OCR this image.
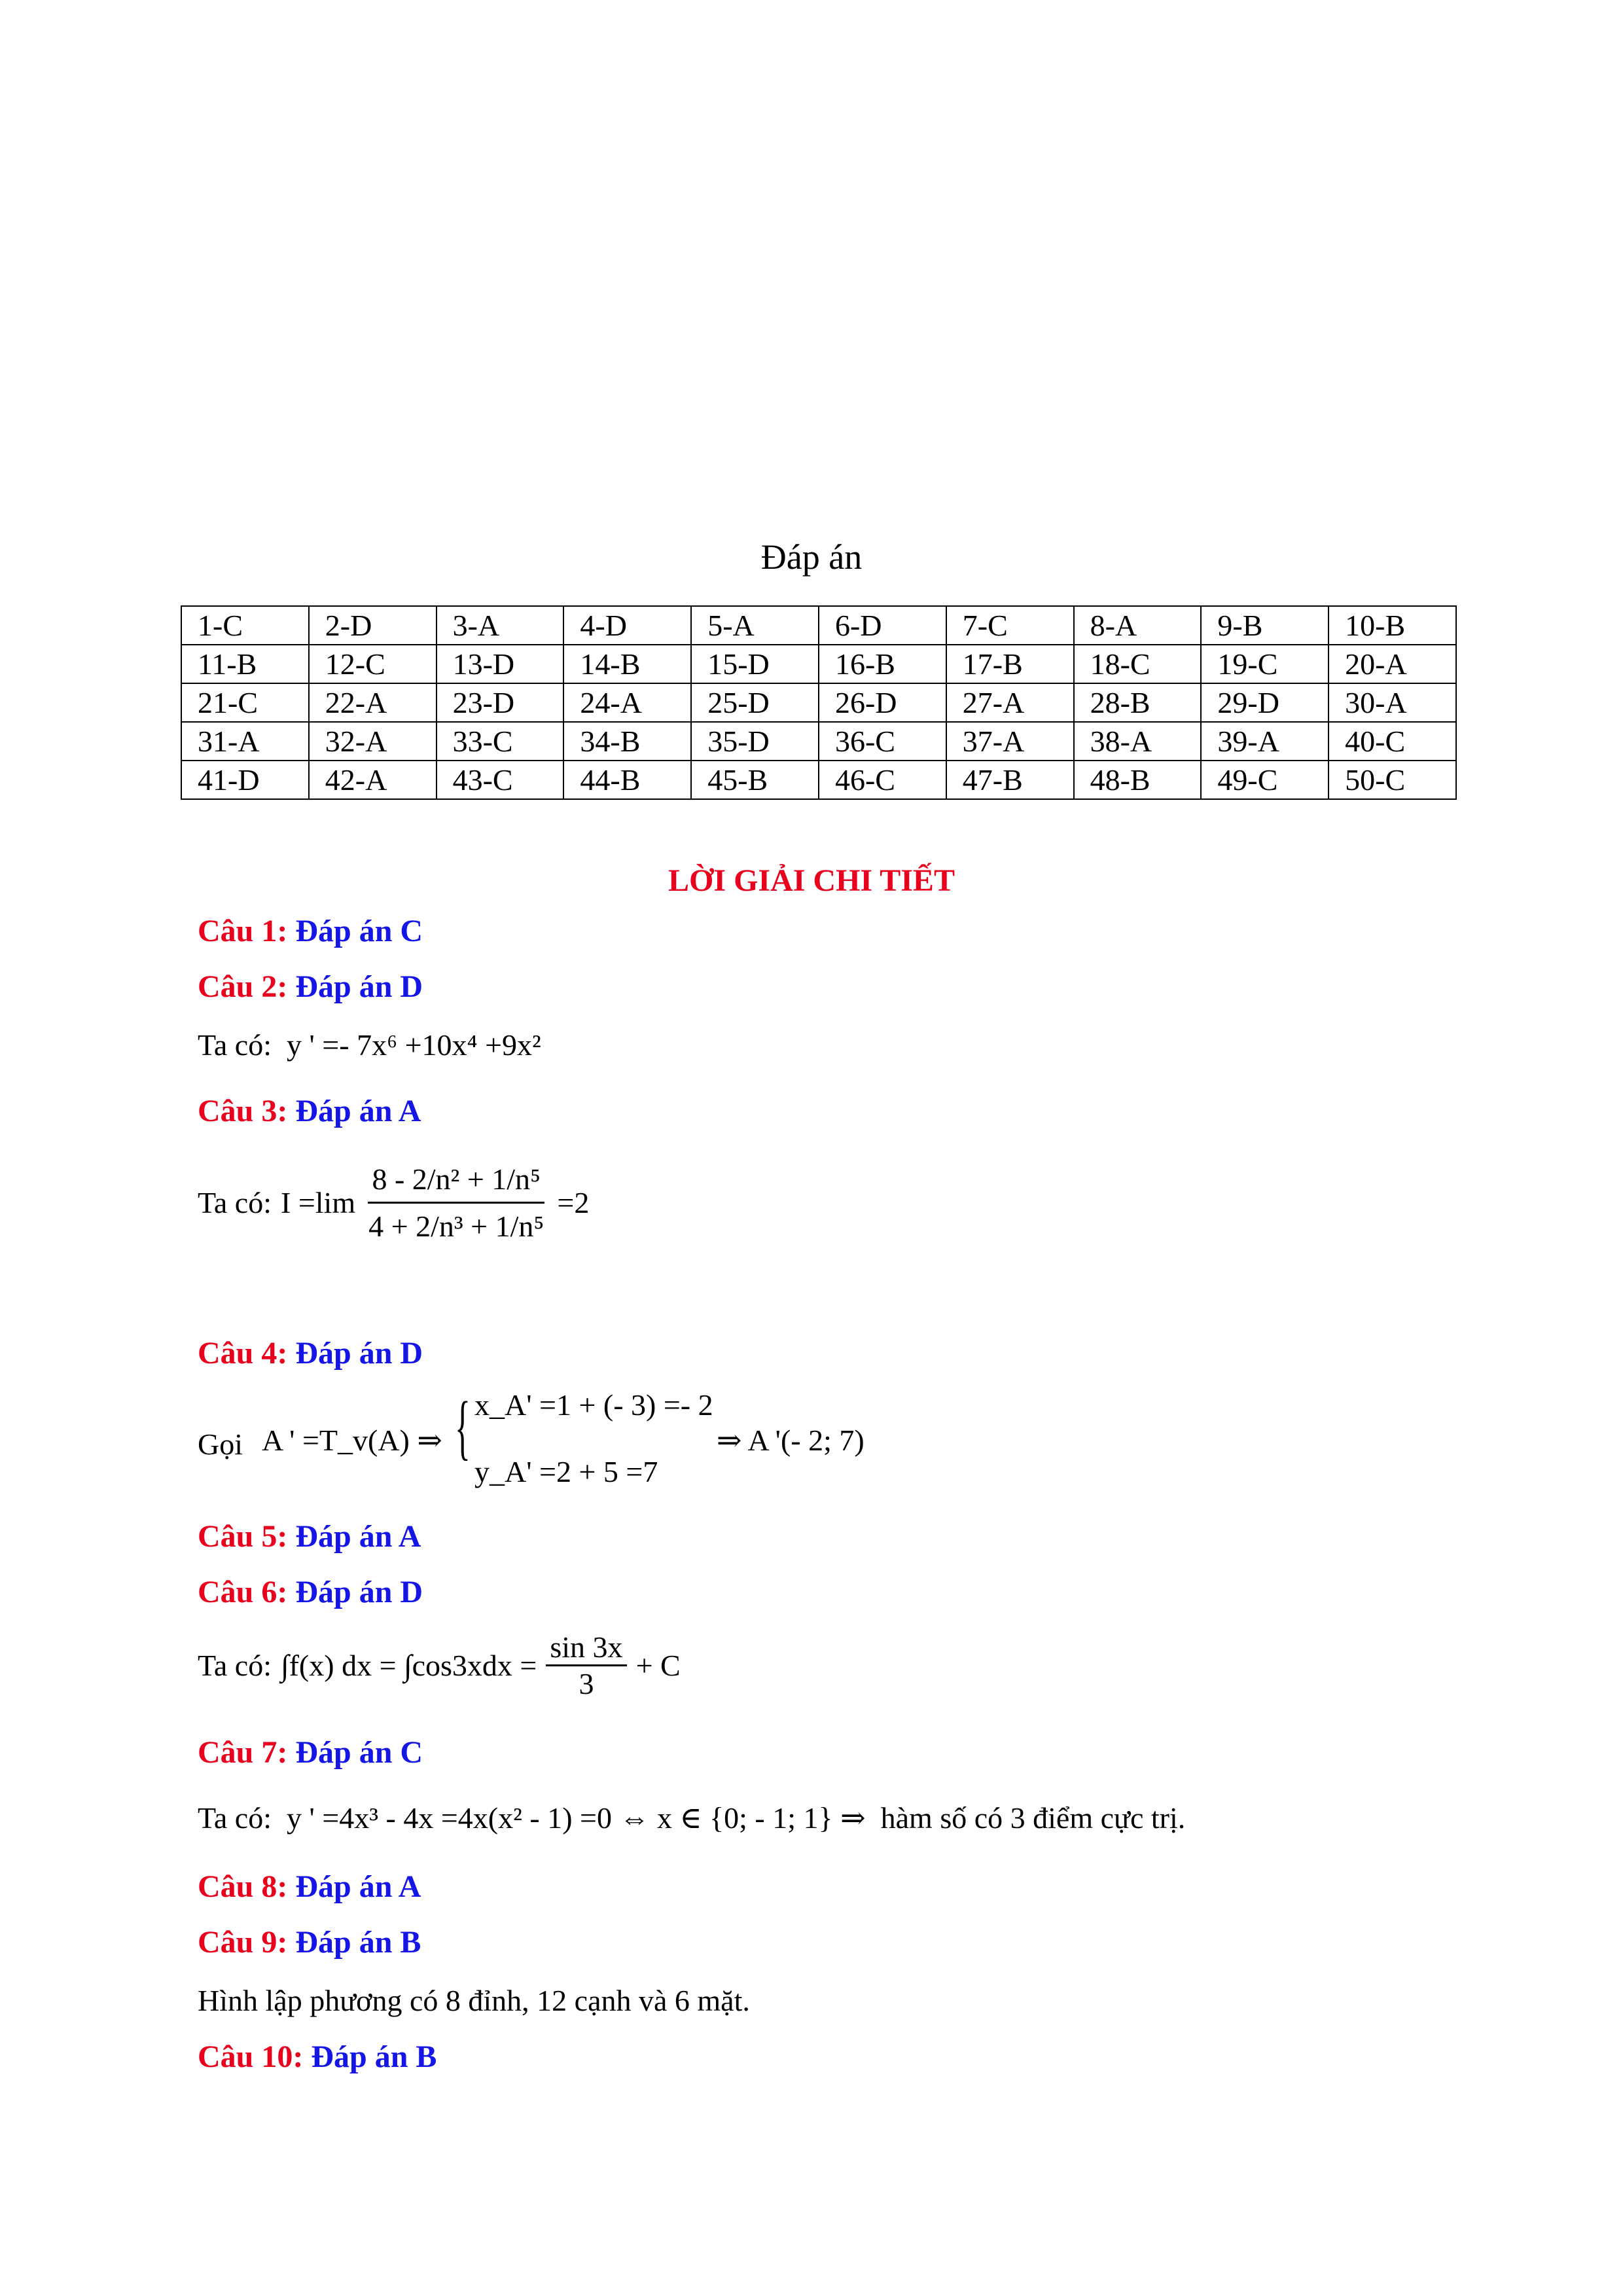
Đáp án
1-C	2-D	3-A	4-D	5-A	6-D	7-C	8-A	9-B	10-B
11-B	12-C	13-D	14-B	15-D	16-B	17-B	18-C	19-C	20-A
21-C	22-A	23-D	24-A	25-D	26-D	27-A	28-B	29-D	30-A
31-A	32-A	33-C	34-B	35-D	36-C	37-A	38-A	39-A	40-C
41-D	42-A	43-C	44-B	45-B	46-C	47-B	48-B	49-C	50-C
LỜI GIẢI CHI TIẾT
Câu 1: Đáp án C
Câu 2: Đáp án D
Ta có: y ' =- 7x⁶ +10x⁴ +9x²
Câu 3: Đáp án A
Ta có: $I =\lim \frac{\text{8 - 2/n² + 1/n⁵}}{\text{4 + 2/n³ + 1/n⁵}} =2$
Câu 4: Đáp án D
Gọi A ' =T_v(A) ⇒ { x_A' =1 + (- 3) =- 2
y_A' =2 + 5 =7
⇒ A '(- 2; 7)
Câu 5: Đáp án A
Câu 6: Đáp án D
Ta có: ∫f(x) dx = $\int\cos 3xdx = \frac{\sin 3x}{3} + C$
Câu 7: Đáp án C
Ta có: y ' =4x³ - 4x =4x(x² - 1) =0 ⇔ x ∈ {0; - 1; 1} ⇒ hàm số có 3 điểm cực trị.
Câu 8: Đáp án A
Câu 9: Đáp án B
Hình lập phương có 8 đỉnh, 12 cạnh và 6 mặt.
Câu 10: Đáp án B
